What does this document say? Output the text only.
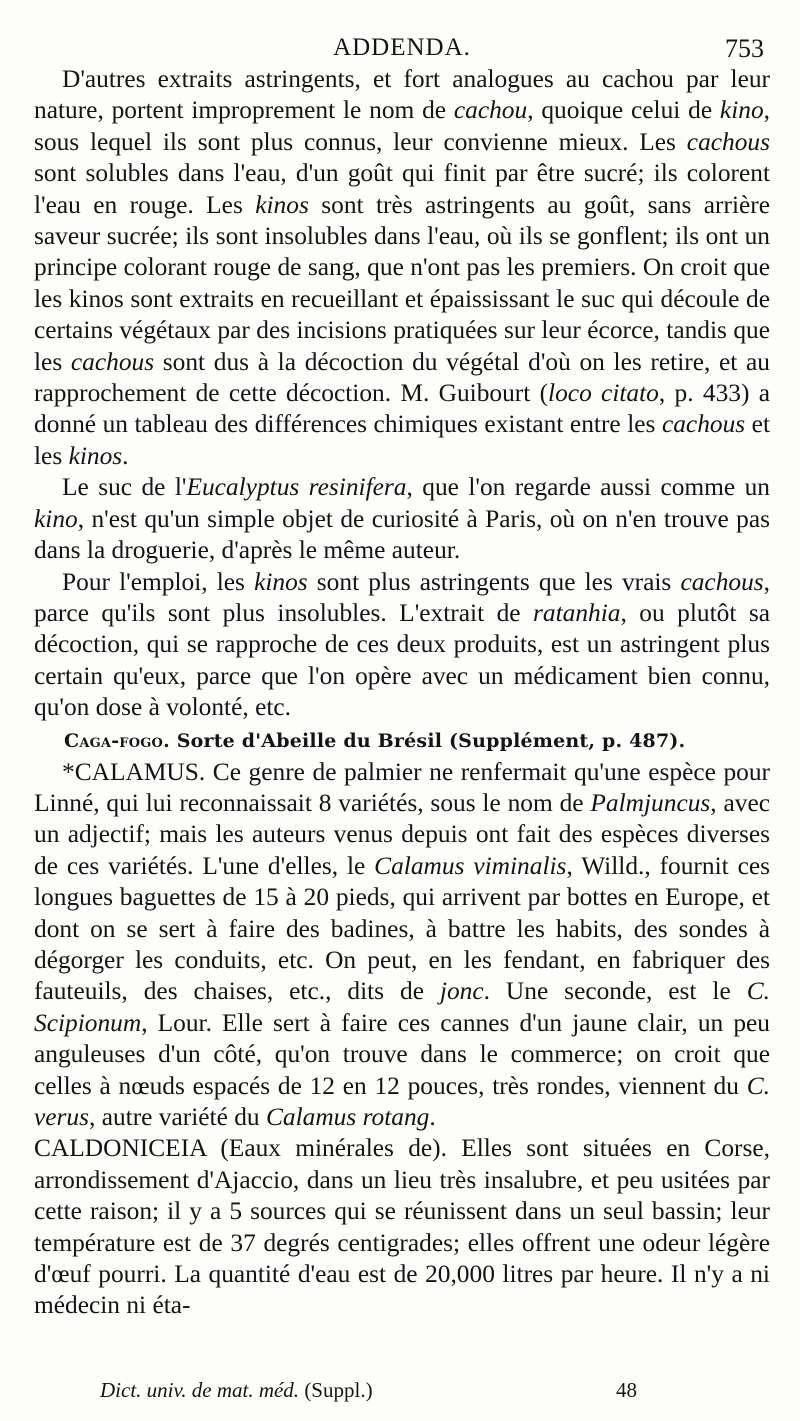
ADDENDA.	753

D'autres extraits astringents, et fort analogues au cachou par leur nature, portent improprement le nom de cachou, quoique celui de kino, sous lequel ils sont plus connus, leur convienne mieux. Les cachous sont solubles dans l'eau, d'un goût qui finit par être sucré; ils colorent l'eau en rouge. Les kinos sont très astringents au goût, sans arrière saveur sucrée; ils sont insolubles dans l'eau, où ils se gonflent; ils ont un principe colorant rouge de sang, que n'ont pas les premiers. On croit que les kinos sont extraits en recueillant et épaississant le suc qui découle de certains végétaux par des incisions pratiquées sur leur écorce, tandis que les cachous sont dus à la décoction du végétal d'où on les retire, et au rapprochement de cette décoction. M. Guibourt (loco citato, p. 433) a donné un tableau des différences chimiques existant entre les cachous et les kinos.

Le suc de l'Eucalyptus resinifera, que l'on regarde aussi comme un kino, n'est qu'un simple objet de curiosité à Paris, où on n'en trouve pas dans la droguerie, d'après le même auteur.

Pour l'emploi, les kinos sont plus astringents que les vrais cachous, parce qu'ils sont plus insolubles. L'extrait de ratanhia, ou plutôt sa décoction, qui se rapproche de ces deux produits, est un astringent plus certain qu'eux, parce que l'on opère avec un médicament bien connu, qu'on dose à volonté, etc.

Caga-fogo. Sorte d'Abeille du Brésil (Supplément, p. 487).

*CALAMUS. Ce genre de palmier ne renfermait qu'une espèce pour Linné, qui lui reconnaissait 8 variétés, sous le nom de Palmjuncus, avec un adjectif; mais les auteurs venus depuis ont fait des espèces diverses de ces variétés. L'une d'elles, le Calamus viminalis, Willd., fournit ces longues baguettes de 15 à 20 pieds, qui arrivent par bottes en Europe, et dont on se sert à faire des badines, à battre les habits, des sondes à dégorger les conduits, etc. On peut, en les fendant, en fabriquer des fauteuils, des chaises, etc., dits de jonc. Une seconde, est le C. Scipionum, Lour. Elle sert à faire ces cannes d'un jaune clair, un peu anguleuses d'un côté, qu'on trouve dans le commerce; on croit que celles à nœuds espacés de 12 en 12 pouces, très rondes, viennent du C. verus, autre variété du Calamus rotang.

CALDONICEIA (Eaux minérales de). Elles sont situées en Corse, arrondissement d'Ajaccio, dans un lieu très insalubre, et peu usitées par cette raison; il y a 5 sources qui se réunissent dans un seul bassin; leur température est de 37 degrés centigrades; elles offrent une odeur légère d'œuf pourri. La quantité d'eau est de 20,000 litres par heure. Il n'y a ni médecin ni éta-

Dict. univ. de mat. méd. (Suppl.)	48
